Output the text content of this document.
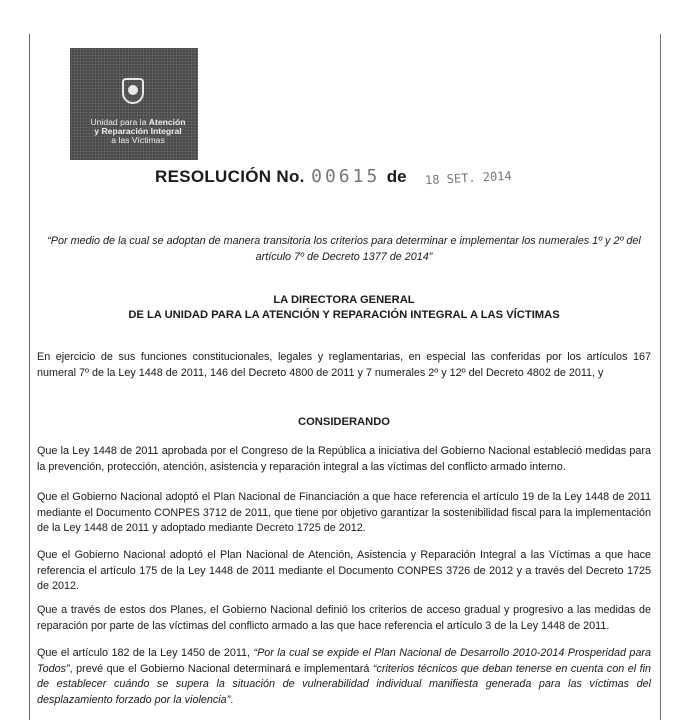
Unidad para la Atención
y Reparación Integral
a las Víctimas
RESOLUCIÓN No. 00615 de 18 SET. 2014
“Por medio de la cual se adoptan de manera transitoria los criterios para determinar e implementar los numerales 1º y 2º del
artículo 7º de Decreto 1377 de 2014”
LA DIRECTORA GENERAL
DE LA UNIDAD PARA LA ATENCIÓN Y REPARACIÓN INTEGRAL A LAS VÍCTIMAS
En ejercicio de sus funciones constitucionales, legales y reglamentarias, en especial las conferidas por los artículos 167 numeral 7º de la Ley 1448 de 2011, 146 del Decreto 4800 de 2011 y 7 numerales 2º y 12º del Decreto 4802 de 2011, y
CONSIDERANDO
Que la Ley 1448 de 2011 aprobada por el Congreso de la República a iniciativa del Gobierno Nacional estableció medidas para la prevención, protección, atención, asistencia y reparación integral a las víctimas del conflicto armado interno.
Que el Gobierno Nacional adoptó el Plan Nacional de Financiación a que hace referencia el artículo 19 de la Ley 1448 de 2011 mediante el Documento CONPES 3712 de 2011, que tiene por objetivo garantizar la sostenibilidad fiscal para la implementación de la Ley 1448 de 2011 y adoptado mediante Decreto 1725 de 2012.
Que el Gobierno Nacional adoptó el Plan Nacional de Atención, Asistencia y Reparación Integral a las Víctimas a que hace referencia el artículo 175 de la Ley 1448 de 2011 mediante el Documento CONPES 3726 de 2012 y a través del Decreto 1725 de 2012.
Que a través de estos dos Planes, el Gobierno Nacional definió los criterios de acceso gradual y progresivo a las medidas de reparación por parte de las víctimas del conflicto armado a las que hace referencia el artículo 3 de la Ley 1448 de 2011.
Que el artículo 182 de la Ley 1450 de 2011, “Por la cual se expide el Plan Nacional de Desarrollo 2010-2014 Prosperidad para Todos”, prevé que el Gobierno Nacional determinará e implementará “criterios técnicos que deban tenerse en cuenta con el fin de establecer cuándo se supera la situación de vulnerabilidad individual manifiesta generada para las víctimas del desplazamiento forzado por la violencia”.
